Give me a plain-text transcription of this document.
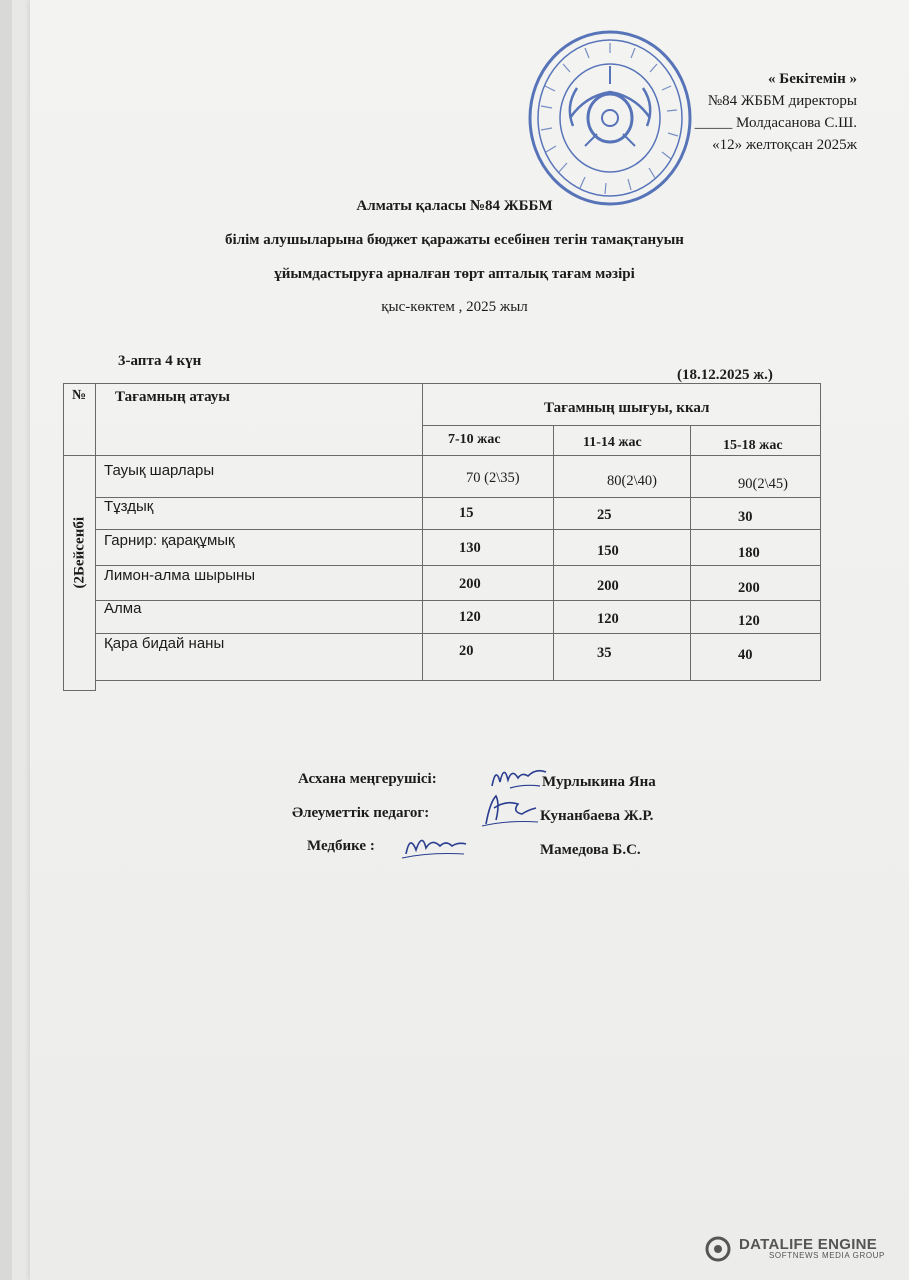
« Бекітемін »
№84 ЖББМ директоры
_____ Молдасанова С.Ш.
«12» желтоқсан 2025ж
Алматы қаласы №84 ЖББМ
білім алушыларына бюджет қаражаты есебінен тегін тамақтануын
ұйымдастыруға арналған төрт апталық тағам мәзірі
қыс-көктем , 2025 жыл
3-апта 4 күн
(18.12.2025 ж.)
№ Тағамның атауы
Тағамның шығуы, ккал
7-10 жас	11-14 жас	15-18 жас
(2Бейсенбі
Тауық шарлары	70 (2\35)	80(2\40)	90(2\45)
Тұздық	15	25	30
Гарнир: қарақұмық	130	150	180
Лимон-алма шырыны	200	200	200
Алма	120	120	120
Қара бидай наны	20	35	40
Асхана меңгерушісі:	Мурлыкина Яна
Әлеуметтік педагог:	Кунанбаева Ж.Р.
Медбике :	Мамедова Б.С.
DATALIFE ENGINE
SOFTNEWS MEDIA GROUP
